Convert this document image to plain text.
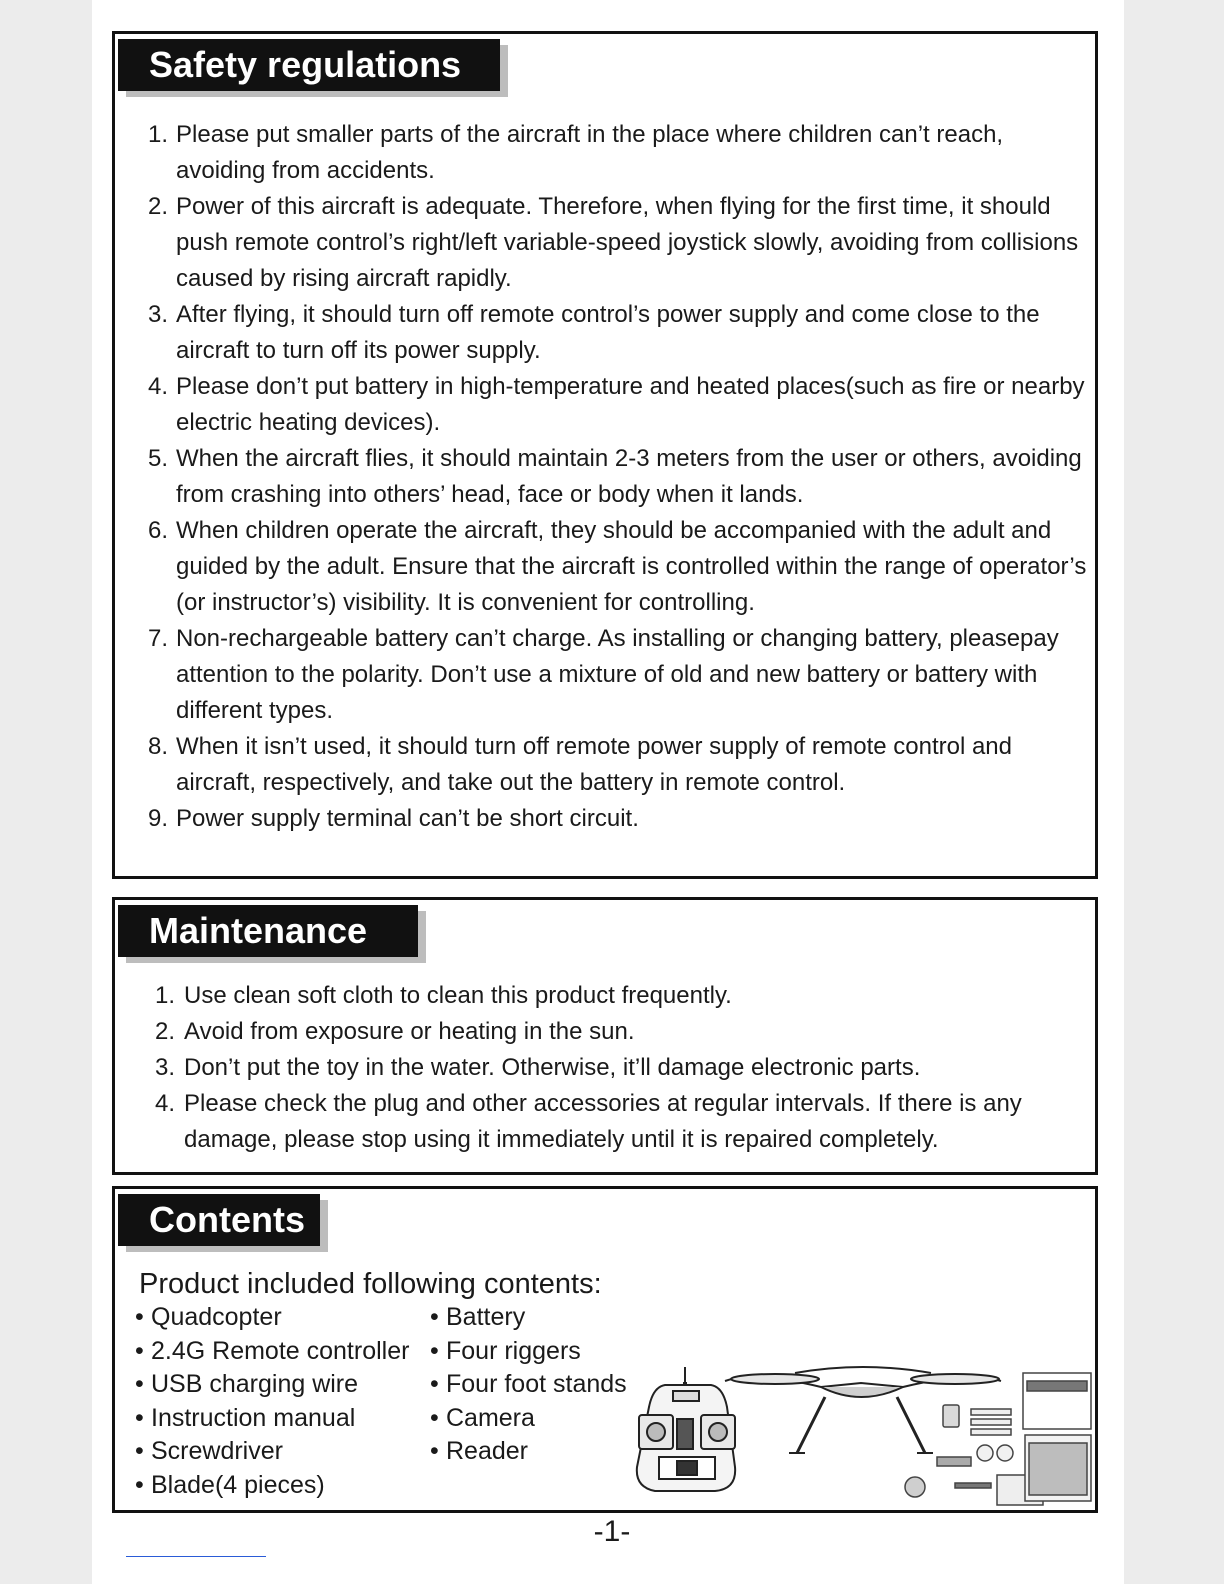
Safety regulations
1. Please put smaller parts of the aircraft in the place where children can’t reach, avoiding from accidents.
2. Power of this aircraft is adequate. Therefore, when flying for the first time, it should push remote control’s right/left variable-speed joystick slowly, avoiding from collisions caused by rising aircraft rapidly.
3. After flying, it should turn off remote control’s power supply and come close to the aircraft to turn off its power supply.
4. Please don’t put battery in high-temperature and heated places(such as fire or nearby electric heating devices).
5. When the aircraft flies, it should maintain 2-3 meters from the user or others, avoiding from crashing into others’ head, face or body when it lands.
6. When children operate the aircraft, they should be accompanied with the adult and guided by the adult. Ensure that the aircraft is controlled within the range of operator’s (or instructor’s) visibility. It is convenient for controlling.
7. Non-rechargeable battery can’t charge. As installing or changing battery, pleasepay attention to the polarity. Don’t use a mixture of old and new battery or battery with different types.
8. When it isn’t used, it should turn off remote power supply of remote control and aircraft, respectively, and take out the battery in remote control.
9. Power supply terminal can’t be short circuit.
Maintenance
1. Use clean soft cloth to clean this product frequently.
2. Avoid from exposure or heating in the sun.
3. Don’t put the toy in the water. Otherwise, it’ll damage electronic parts.
4. Please check the plug and other accessories at regular intervals. If there is any damage, please stop using it immediately until it is repaired completely.
Contents
Product included following contents:
• Quadcopter
• 2.4G Remote controller
• USB charging wire
• Instruction manual
• Screwdriver
• Blade(4 pieces)
• Battery
• Four riggers
• Four foot stands
• Camera
• Reader
-1-
